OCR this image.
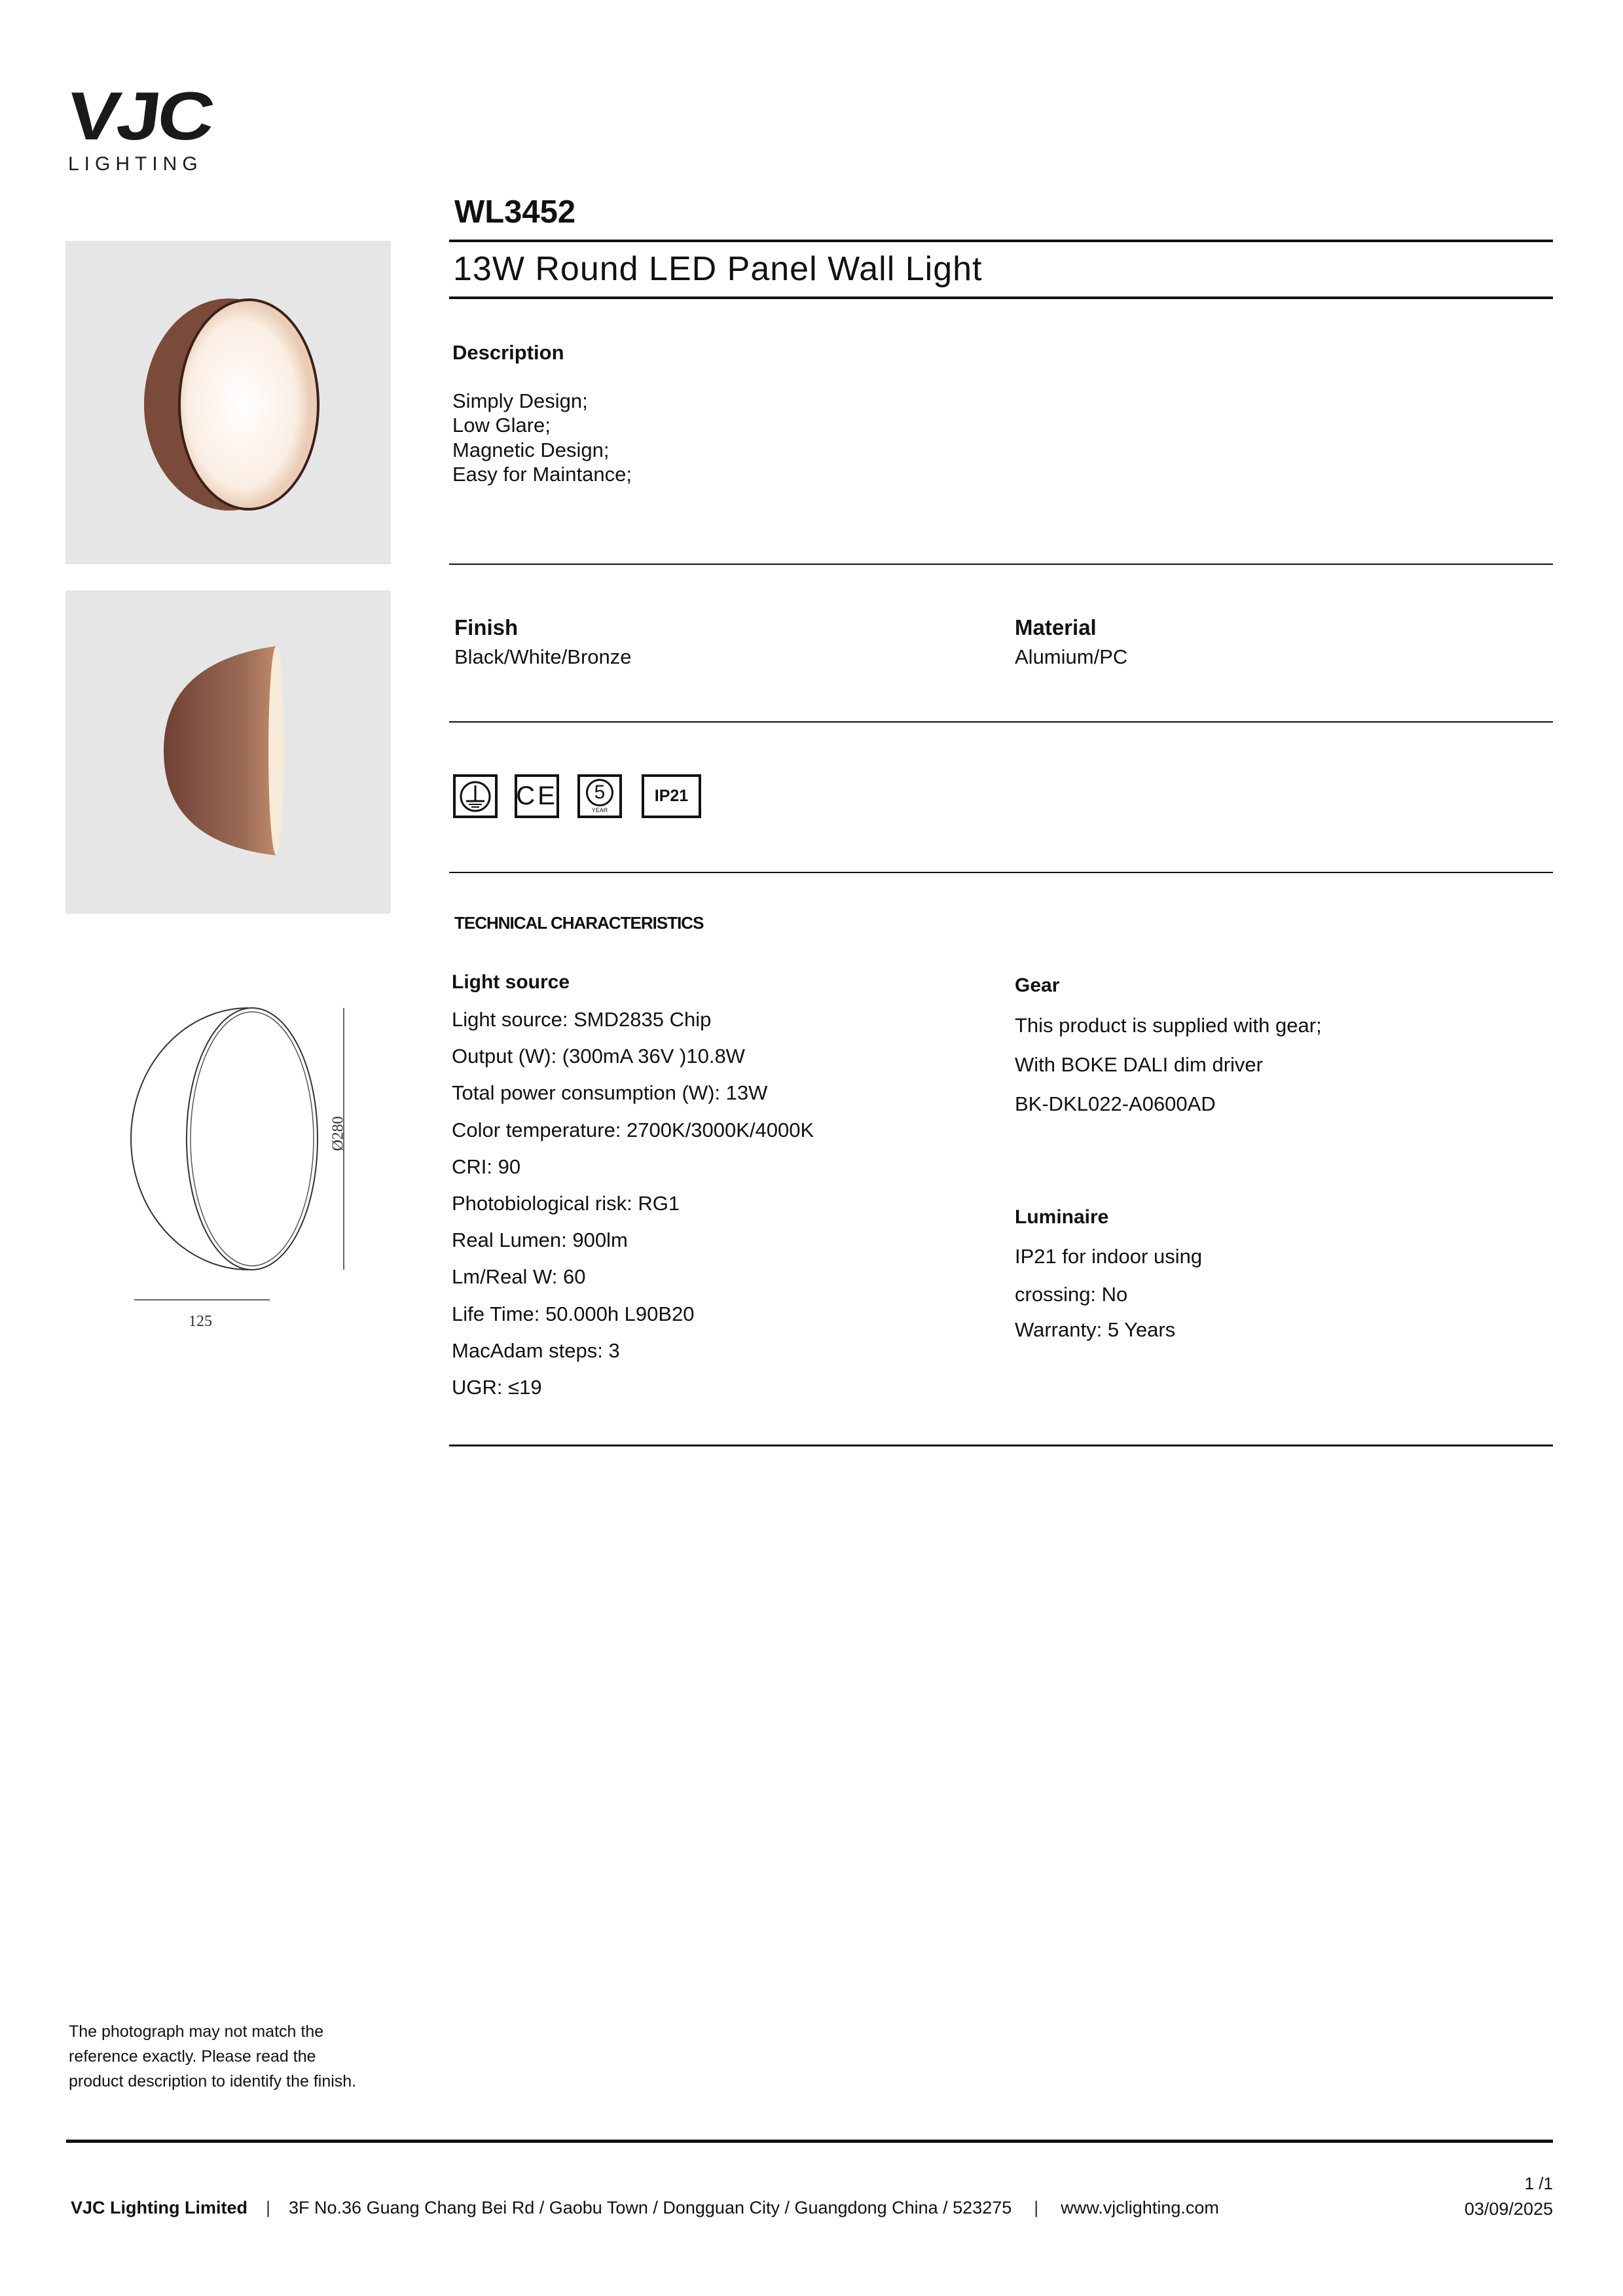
VJC
LIGHTING
WL3452
13W Round LED Panel Wall Light
Ø280
125
Description
Simply Design;
Low Glare;
Magnetic Design;
Easy for Maintance;
Finish
Black/White/Bronze
Material
Alumium/PC
CE	5
YEAR
IP21
TECHNICAL CHARACTERISTICS
Light source
Light source: SMD2835 Chip
Output (W): (300mA 36V )10.8W
Total power consumption (W): 13W
Color temperature: 2700K/3000K/4000K
CRI: 90
Photobiological risk: RG1
Real Lumen: 900lm
Lm/Real W: 60
Life Time: 50.000h L90B20
MacAdam steps: 3
UGR: ≤19
Gear
This product is supplied with gear;
With BOKE DALI dim driver
BK-DKL022-A0600AD
Luminaire
IP21 for indoor using
crossing: No
Warranty: 5 Years
The photograph may not match the
reference exactly. Please read the
product description to identify the finish.
1 /1
VJC Lighting Limited | 3F No.36 Guang Chang Bei Rd / Gaobu Town / Dongguan City / Guangdong China / 523275 | www.vjclighting.com	03/09/2025
